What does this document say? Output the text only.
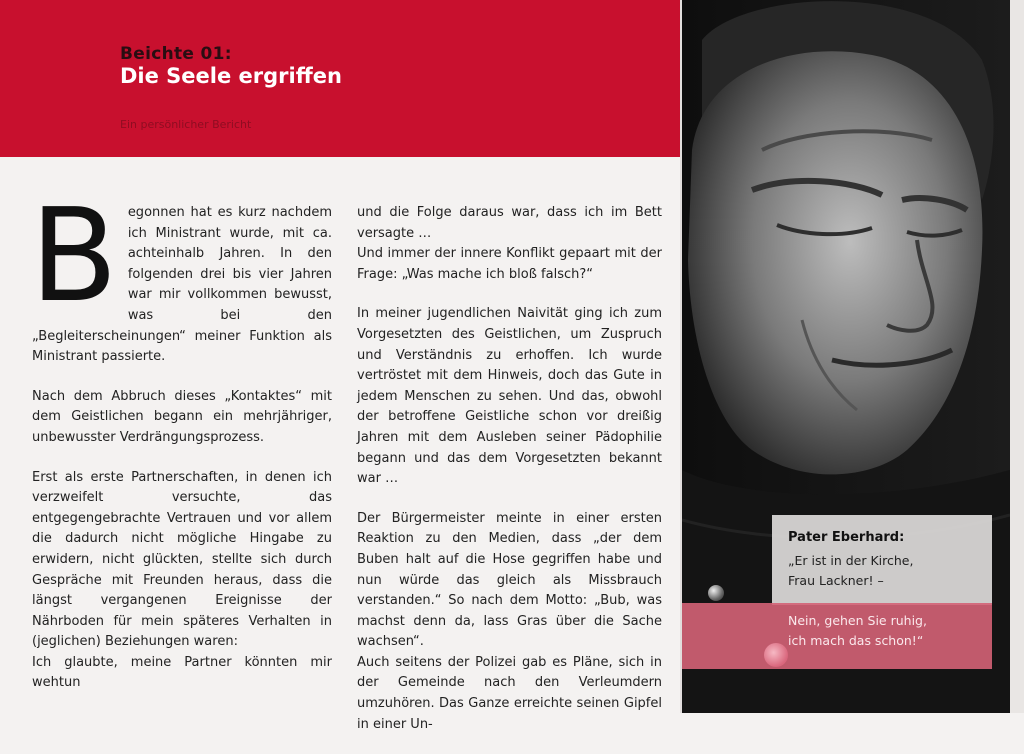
Beichte 01:
Die Seele ergriffen
Ein persönlicher Bericht

Begonnen hat es kurz nachdem ich Ministrant wurde, mit ca. achteinhalb Jahren. In den folgenden drei bis vier Jahren war mir vollkommen bewusst, was bei den „Begleiterscheinungen“ meiner Funktion als Ministrant passierte.

Nach dem Abbruch dieses „Kontaktes“ mit dem Geistlichen begann ein mehrjähriger, unbewusster Verdrängungsprozess.

Erst als erste Partnerschaften, in denen ich verzweifelt versuchte, das entgegengebrachte Vertrauen und vor allem die dadurch nicht mögliche Hingabe zu erwidern, nicht glückten, stellte sich durch Gespräche mit Freunden heraus, dass die längst vergangenen Ereignisse der Nährboden für mein späteres Verhalten in (jeglichen) Beziehungen waren:

Ich glaubte, meine Partner könnten mir wehtun

und die Folge daraus war, dass ich im Bett versagte …

Und immer der innere Konflikt gepaart mit der Frage: „Was mache ich bloß falsch?“

In meiner jugendlichen Naivität ging ich zum Vorgesetzten des Geistlichen, um Zuspruch und Verständnis zu erhoffen. Ich wurde vertröstet mit dem Hinweis, doch das Gute in jedem Menschen zu sehen. Und das, obwohl der betroffene Geistliche schon vor dreißig Jahren mit dem Ausleben seiner Pädophilie begann und das dem Vorgesetzten bekannt war …

Der Bürgermeister meinte in einer ersten Reaktion zu den Medien, dass „der dem Buben halt auf die Hose gegriffen habe und nun würde das gleich als Missbrauch verstanden.“ So nach dem Motto: „Bub, was machst denn da, lass Gras über die Sache wachsen“.

Auch seitens der Polizei gab es Pläne, sich in der Gemeinde nach den Verleumdern umzuhören. Das Ganze erreichte seinen Gipfel in einer Un-

Pater Eberhard:
„Er ist in der Kirche,
Frau Lackner! –
Nein, gehen Sie ruhig,
ich mach das schon!“
